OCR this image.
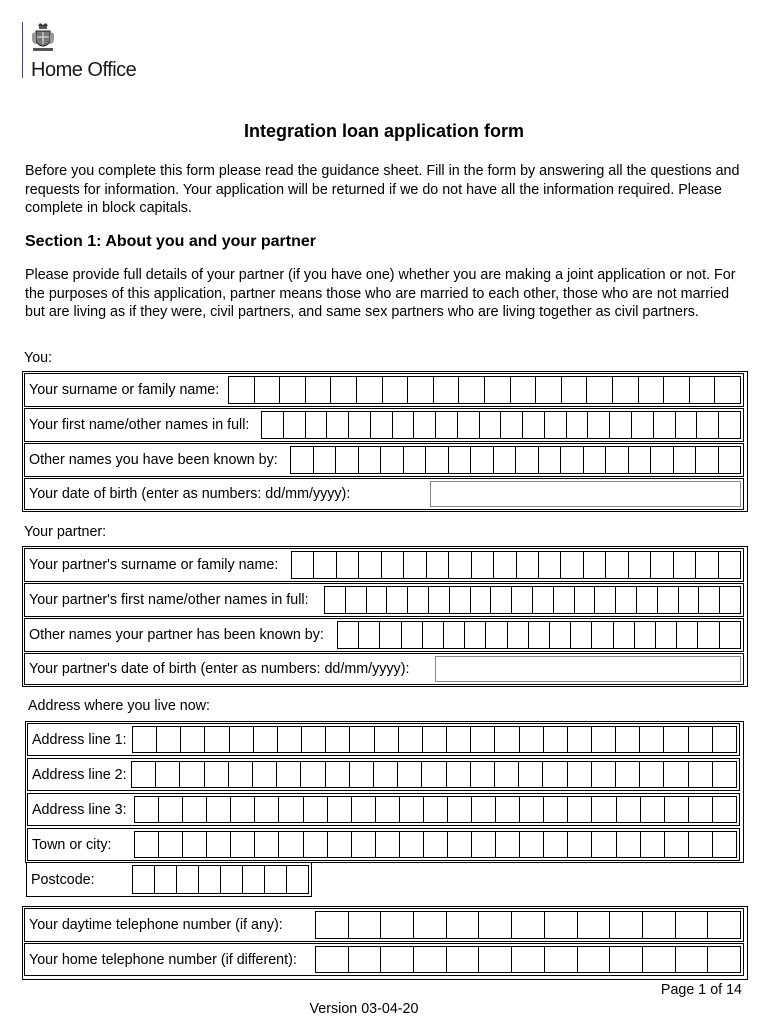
Home Office
Integration loan application form
Before you complete this form please read the guidance sheet. Fill in the form by answering all the questions and requests for information. Your application will be returned if we do not have all the information required. Please complete in block capitals.
Section 1: About you and your partner
Please provide full details of your partner (if you have one) whether you are making a joint application or not. For the purposes of this application, partner means those who are married to each other, those who are not married but are living as if they were, civil partners, and same sex partners who are living together as civil partners.
You:
Your surname or family name:
Your first name/other names in full:
Other names you have been known by:
Your date of birth (enter as numbers: dd/mm/yyyy):
Your partner:
Your partner's surname or family name:
Your partner's first name/other names in full:
Other names your partner has been known by:
Your partner's date of birth (enter as numbers: dd/mm/yyyy):
Address where you live now:
Address line 1:
Address line 2:
Address line 3:
Town or city:
Postcode:
Your daytime telephone number (if any):
Your home telephone number (if different):
Page 1 of 14
Version 03-04-20
